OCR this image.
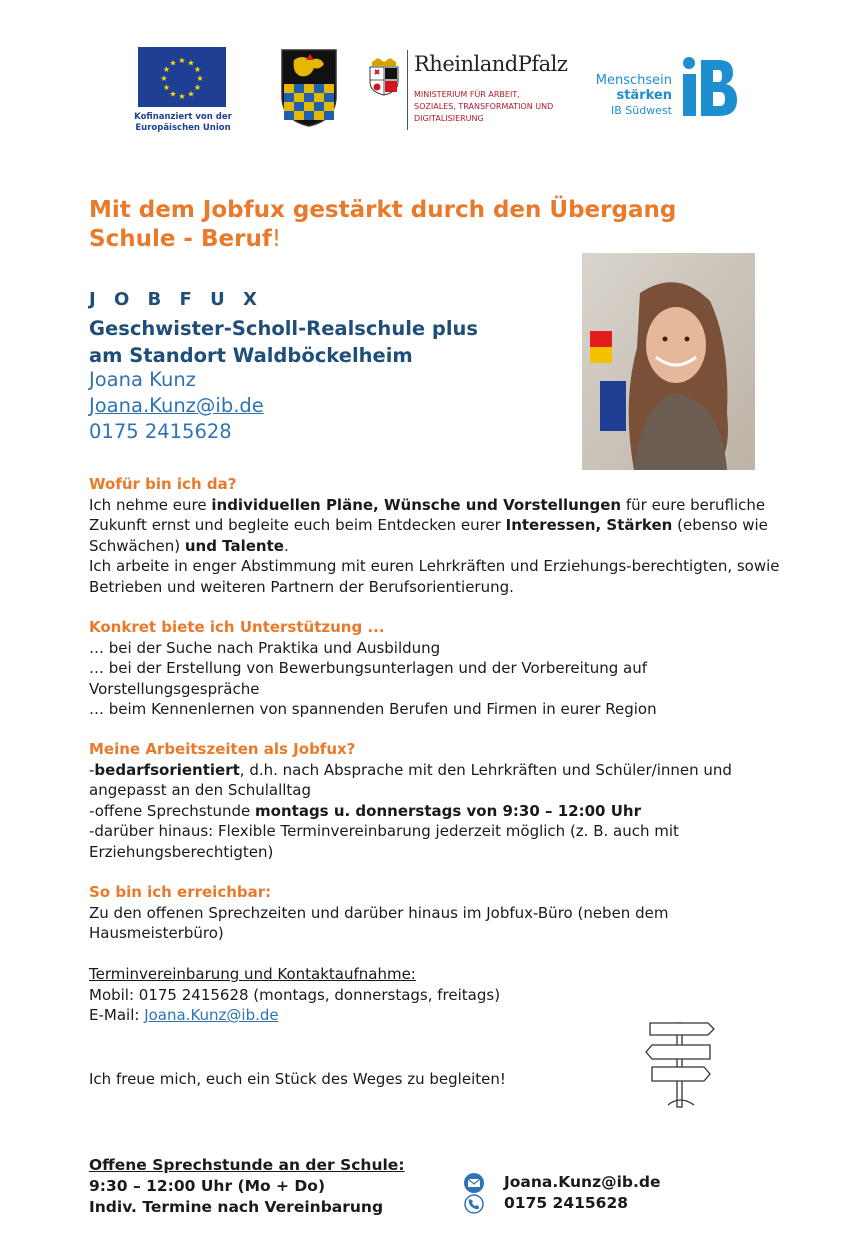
★ ★
★
★
★
★
★
★
★
★
★
★
Kofinanziert von der Europäischen Union
RheinlandPfalz
MINISTERIUM FÜR ARBEIT, SOZIALES, TRANSFORMATION UND DIGITALISIERUNG
Menschsein
stärken
IB Südwest
IB
Mit dem Jobfux gestärkt durch den Übergang Schule - Beruf!
J O B F U X
Geschwister-Scholl-Realschule plus
am Standort Waldböckelheim
Joana Kunz
Joana.Kunz@ib.de
0175 2415628
Wofür bin ich da?
Ich nehme eure individuellen Pläne, Wünsche und Vorstellungen für eure berufliche Zukunft ernst und begleite euch beim Entdecken eurer Interessen, Stärken (ebenso wie Schwächen) und Talente.
Ich arbeite in enger Abstimmung mit euren Lehrkräften und Erziehungs-berechtigten, sowie Betrieben und weiteren Partnern der Berufsorientierung.
Konkret biete ich Unterstützung ...
… bei der Suche nach Praktika und Ausbildung
… bei der Erstellung von Bewerbungsunterlagen und der Vorbereitung auf Vorstellungsgespräche
… beim Kennenlernen von spannenden Berufen und Firmen in eurer Region
Meine Arbeitszeiten als Jobfux?
-bedarfsorientiert, d.h. nach Absprache mit den Lehrkräften und Schüler/innen und angepasst an den Schulalltag
-offene Sprechstunde montags u. donnerstags von 9:30 – 12:00 Uhr
-darüber hinaus: Flexible Terminvereinbarung jederzeit möglich (z. B. auch mit Erziehungsberechtigten)
So bin ich erreichbar:
Zu den offenen Sprechzeiten und darüber hinaus im Jobfux-Büro (neben dem Hausmeisterbüro)
Terminvereinbarung und Kontaktaufnahme:
Mobil: 0175 2415628 (montags, donnerstags, freitags)
E-Mail: Joana.Kunz@ib.de
Ich freue mich, euch ein Stück des Weges zu begleiten!
Offene Sprechstunde an der Schule:
9:30 – 12:00 Uhr (Mo + Do)
Indiv. Termine nach Vereinbarung
Joana.Kunz@ib.de
0175 2415628
